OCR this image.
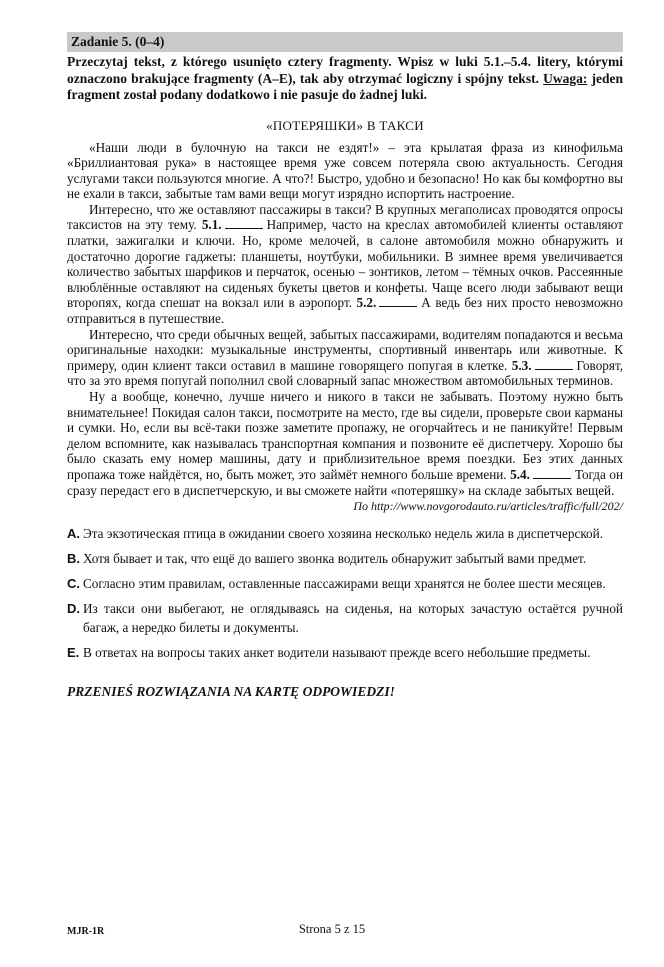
Zadanie 5. (0–4)
Przeczytaj tekst, z którego usunięto cztery fragmenty. Wpisz w luki 5.1.–5.4. litery, którymi oznaczono brakujące fragmenty (A–E), tak aby otrzymać logiczny i spójny tekst. Uwaga: jeden fragment został podany dodatkowo i nie pasuje do żadnej luki.
«ПОТЕРЯШКИ» В ТАКСИ

«Наши люди в булочную на такси не ездят!» – эта крылатая фраза из кинофильма «Бриллиантовая рука» в настоящее время уже совсем потеряла свою актуальность. Сегодня услугами такси пользуются многие. А что?! Быстро, удобно и безопасно! Но как бы комфортно вы не ехали в такси, забытые там вами вещи могут изрядно испортить настроение.

Интересно, что же оставляют пассажиры в такси? В крупных мегаполисах проводятся опросы таксистов на эту тему. 5.1.	Например, часто на креслах автомобилей клиенты оставляют платки, зажигалки и ключи. Но, кроме мелочей, в салоне автомобиля можно обнаружить и достаточно дорогие гаджеты: планшеты, ноутбуки, мобильники. В зимнее время увеличивается количество забытых шарфиков и перчаток, осенью – зонтиков, летом – тёмных очков. Рассеянные влюблённые оставляют на сиденьях букеты цветов и конфеты. Чаще всего люди забывают вещи второпях, когда спешат на вокзал или в аэропорт. 5.2.	А ведь без них просто невозможно отправиться в путешествие.

Интересно, что среди обычных вещей, забытых пассажирами, водителям попадаются и весьма оригинальные находки: музыкальные инструменты, спортивный инвентарь или животные. К примеру, один клиент такси оставил в машине говорящего попугая в клетке. 5.3.	Говорят, что за это время попугай пополнил свой словарный запас множеством автомобильных терминов.

Ну а вообще, конечно, лучше ничего и никого в такси не забывать. Поэтому нужно быть внимательнее! Покидая салон такси, посмотрите на место, где вы сидели, проверьте свои карманы и сумки. Но, если вы всё-таки позже заметите пропажу, не огорчайтесь и не паникуйте! Первым делом вспомните, как называлась транспортная компания и позвоните её диспетчеру. Хорошо бы было сказать ему номер машины, дату и приблизительное время поездки. Без этих данных пропажа тоже найдётся, но, быть может, это займёт немного больше времени. 5.4.	Тогда он сразу передаст его в диспетчерскую, и вы сможете найти «потеряшку» на складе забытых вещей.

По http://www.novgorodauto.ru/articles/traffic/full/202/
A. Эта экзотическая птица в ожидании своего хозяина несколько недель жила в диспетчерской.
B. Хотя бывает и так, что ещё до вашего звонка водитель обнаружит забытый вами предмет.
C. Согласно этим правилам, оставленные пассажирами вещи хранятся не более шести месяцев.
D. Из такси они выбегают, не оглядываясь на сиденья, на которых зачастую остаётся ручной багаж, а нередко билеты и документы.
E. В ответах на вопросы таких анкет водители называют прежде всего небольшие предметы.
PRZENIEŚ ROZWIĄZANIA NA KARTĘ ODPOWIEDZI!
MJR-1R	Strona 5 z 15
